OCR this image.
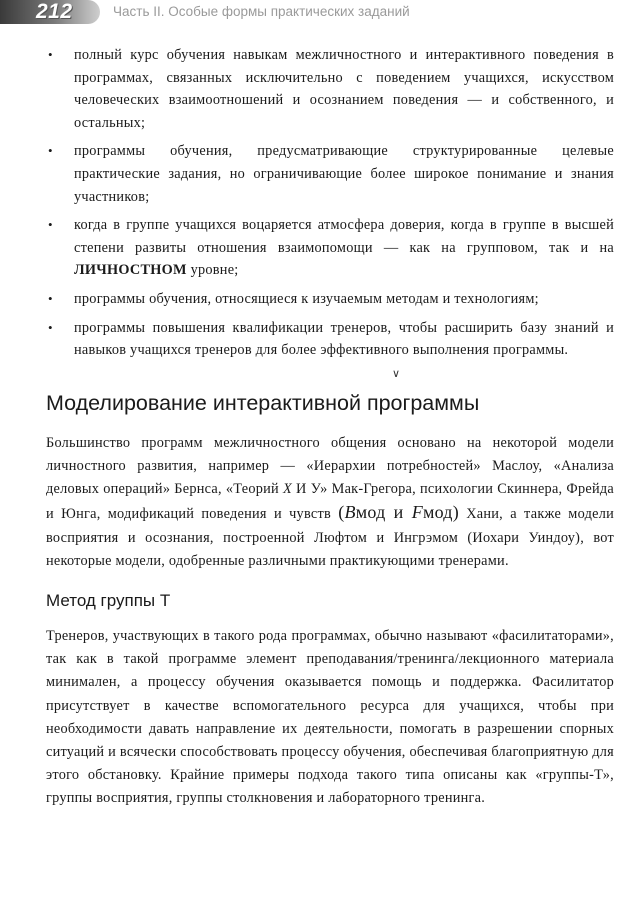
212	Часть II. Особые формы практических заданий
• полный курс обучения навыкам межличностного и интерактивного поведения в программах, связанных исключительно с поведением учащихся, искусством человеческих взаимоотношений и осознанием поведения — и собственного, и остальных;
• программы обучения, предусматривающие структурированные целевые практические задания, но ограничивающие более широкое понимание и знания участников;
• когда в группе учащихся воцаряется атмосфера доверия, когда в группе в высшей степени развиты отношения взаимопомощи — как на групповом, так и на ЛИЧНОСТНОМ уровне;
• программы обучения, относящиеся к изучаемым методам и технологиям;
• программы повышения квалификации тренеров, чтобы расширить базу знаний и навыков учащихся тренеров для более эффективного выполнения программы.
∨
Моделирование интерактивной программы

Большинство программ межличностного общения основано на некоторой модели личностного развития, например — «Иерархии потребностей» Маслоу, «Анализа деловых операций» Бернса, «Теорий X И У» Мак-Грегора, психологии Скиннера, Фрейда и Юнга, модификаций поведения и чувств (Bмод и Fмод) Хани, а также модели восприятия и осознания, построенной Люфтом и Ингрэмом (Иохари Уиндоу), вот некоторые модели, одобренные различными практикующими тренерами.

Метод группы Т

Тренеров, участвующих в такого рода программах, обычно называют «фасилитаторами», так как в такой программе элемент преподавания/тренинга/лекционного материала минимален, а процессу обучения оказывается помощь и поддержка. Фасилитатор присутствует в качестве вспомогательного ресурса для учащихся, чтобы при необходимости давать направление их деятельности, помогать в разрешении спорных ситуаций и всячески способствовать процессу обучения, обеспечивая благоприятную для этого обстановку. Крайние примеры подхода такого типа описаны как «группы-Т», группы восприятия, группы столкновения и лабораторного тренинга.
